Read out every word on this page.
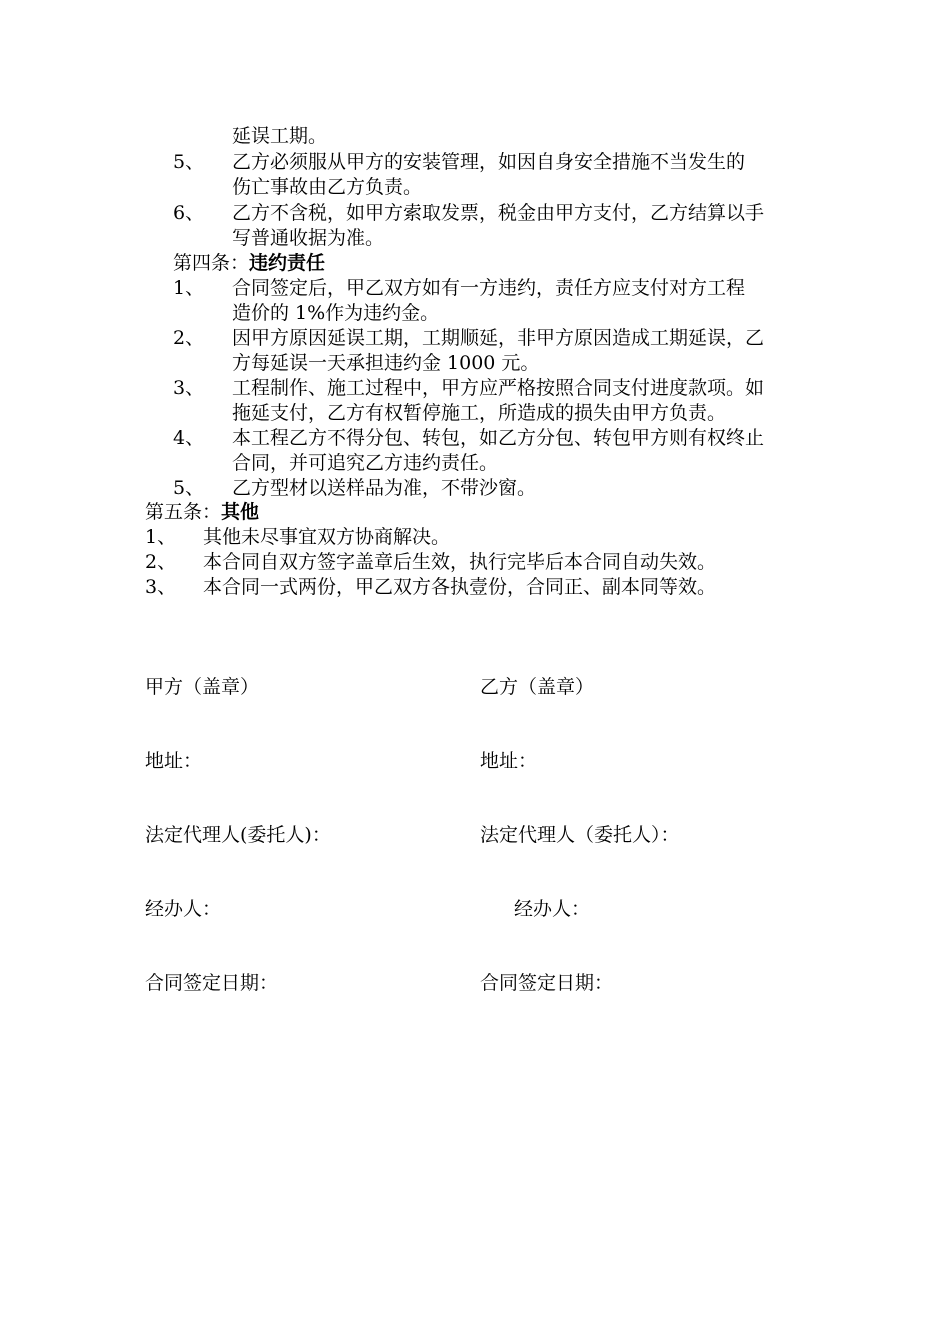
延误工期。
5、 乙方必须服从甲方的安装管理，如因自身安全措施不当发生的
伤亡事故由乙方负责。
6、 乙方不含税，如甲方索取发票，税金由甲方支付，乙方结算以手
写普通收据为准。
第四条：违约责任
1、 合同签定后，甲乙双方如有一方违约，责任方应支付对方工程
造价的 1%作为违约金。
2、 因甲方原因延误工期，工期顺延，非甲方原因造成工期延误，乙
方每延误一天承担违约金 1000 元。
3、 工程制作、施工过程中，甲方应严格按照合同支付进度款项。如
拖延支付，乙方有权暂停施工，所造成的损失由甲方负责。
4、 本工程乙方不得分包、转包，如乙方分包、转包甲方则有权终止
合同，并可追究乙方违约责任。
5、 乙方型材以送样品为准，不带沙窗。
第五条：其他
1、 其他未尽事宜双方协商解决。
2、 本合同自双方签字盖章后生效，执行完毕后本合同自动失效。
3、 本合同一式两份，甲乙双方各执壹份，合同正、副本同等效。
甲方（盖章）
地址：
法定代理人(委托人)：
经办人：
合同签定日期：
乙方（盖章）
地址：
法定代理人（委托人）：
经办人：
合同签定日期：
